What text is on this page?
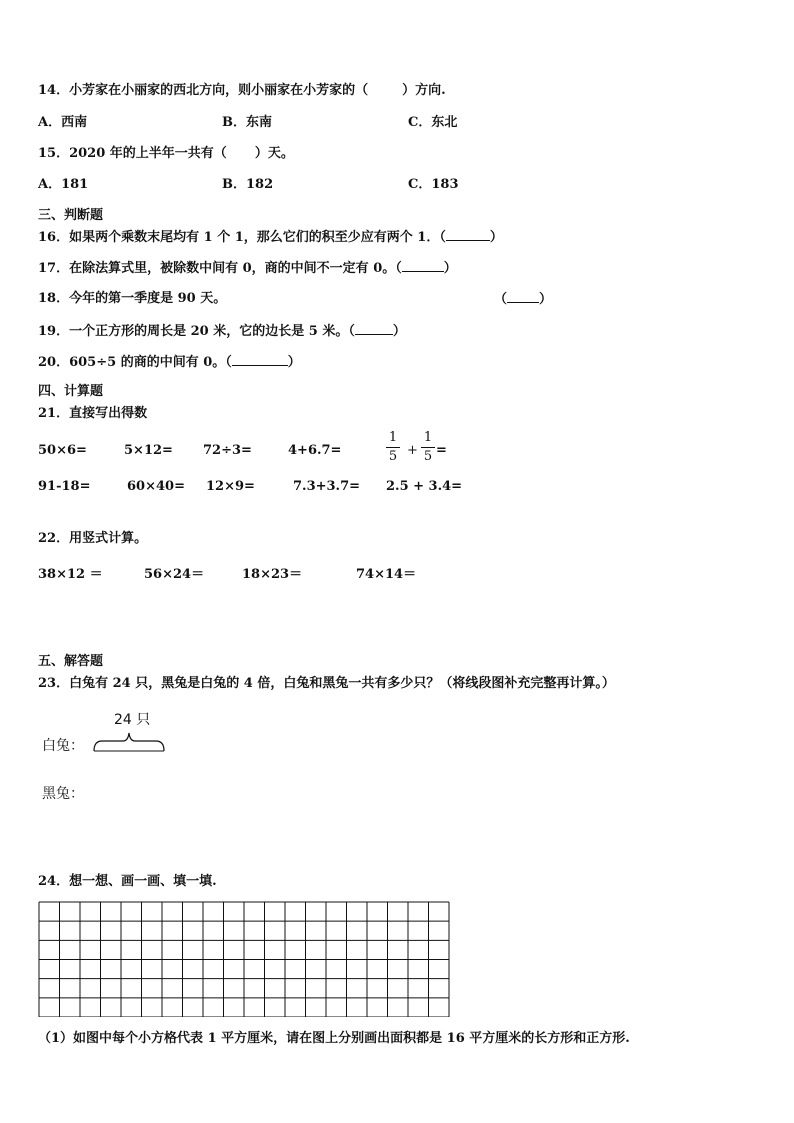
14．小芳家在小丽家的西北方向，则小丽家在小芳家的（	）方向.
A．西南	B．东南	C．东北
15．2020 年的上半年一共有（ ）天。
A．181	B．182	C．183
三、判断题
16．如果两个乘数末尾均有 1 个 1，那么它们的积至少应有两个 1．（	）
17．在除法算式里，被除数中间有 0，商的中间不一定有 0。（	）
18．今年的第一季度是 90 天。	（ ）
19．一个正方形的周长是 20 米，它的边长是 5 米。（	）
20．605÷5 的商的中间有 0。（	）
四、计算题
21．直接写出得数
50×6=	5×12= 72÷3=	4+6.7=
1
5 +
1
5 =
91-18=	60×40= 12×9=	7.3+3.7= 2.5 + 3.4=
22．用竖式计算。
38×12 ＝	56×24＝	18×23＝	74×14＝
五、解答题
23．白兔有 24 只，黑兔是白兔的 4 倍，白兔和黑兔一共有多少只？（将线段图补充完整再计算。）
24 只
白兔：
黑兔：
24．想一想、画一画、填一填.
（1）如图中每个小方格代表 1 平方厘米，请在图上分别画出面积都是 16 平方厘米的长方形和正方形.
